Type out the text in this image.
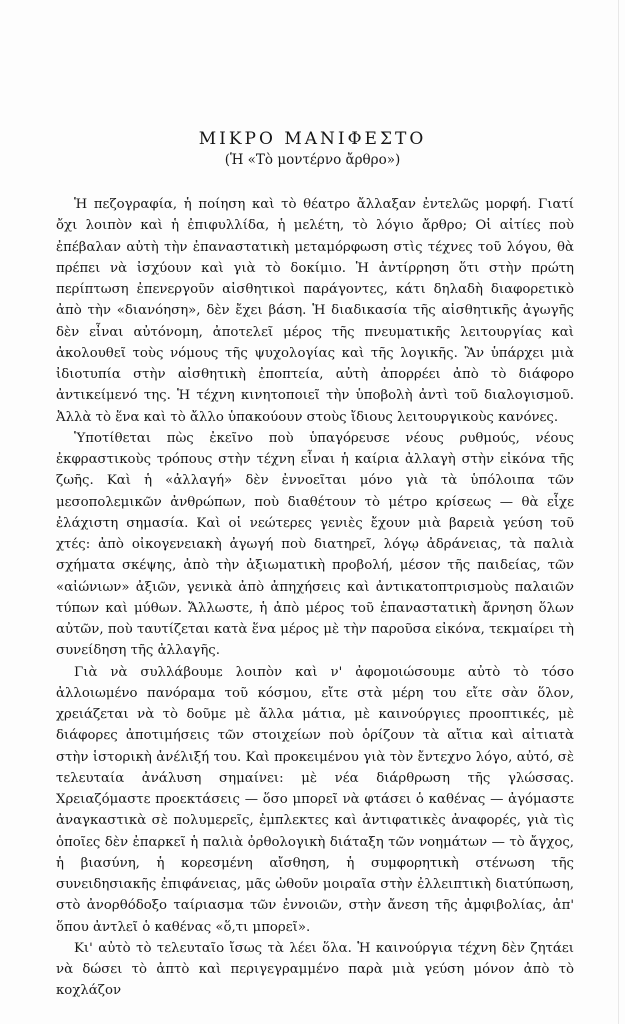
ΜΙΚΡΟ ΜΑΝΙΦΕΣΤΟ

(Ἡ «Τὸ μοντέρνο ἄρθρο»)

Ἡ πεζογραφία, ἡ ποίηση καὶ τὸ θέατρο ἄλλαξαν ἐντελῶς μορφή. Γιατί ὄχι λοιπὸν καὶ ἡ ἐπιφυλλίδα, ἡ μελέτη, τὸ λόγιο ἄρθρο; Οἱ αἰτίες ποὺ ἐπέβαλαν αὐτὴ τὴν ἐπαναστατικὴ μεταμόρφωση στὶς τέχνες τοῦ λόγου, θὰ πρέπει νὰ ἰσχύουν καὶ γιὰ τὸ δοκίμιο. Ἡ ἀντίρρηση ὅτι στὴν πρώτη περίπτωση ἐπενεργοῦν αἰσθητικοὶ παράγοντες, κάτι δηλαδὴ διαφορετικὸ ἀπὸ τὴν «διανόηση», δὲν ἔχει βάση. Ἡ διαδικασία τῆς αἰσθητικῆς ἀγωγῆς δὲν εἶναι αὐτόνομη, ἀποτελεῖ μέρος τῆς πνευματικῆς λειτουργίας καὶ ἀκολουθεῖ τοὺς νόμους τῆς ψυχολογίας καὶ τῆς λογικῆς. Ἂν ὑπάρχει μιὰ ἰδιοτυπία στὴν αἰσθητικὴ ἐποπτεία, αὐτὴ ἀπορρέει ἀπὸ τὸ διάφορο ἀντικείμενό της. Ἡ τέχνη κινητοποιεῖ τὴν ὑποβολὴ ἀντὶ τοῦ διαλογισμοῦ. Ἀλλὰ τὸ ἕνα καὶ τὸ ἄλλο ὑπακούουν στοὺς ἴδιους λειτουργικοὺς κανόνες.

Ὑποτίθεται πὼς ἐκεῖνο ποὺ ὑπαγόρευσε νέους ρυθμούς, νέους ἐκφραστικοὺς τρόπους στὴν τέχνη εἶναι ἡ καίρια ἀλλαγὴ στὴν εἰκόνα τῆς ζωῆς. Καὶ ἡ «ἀλλαγή» δὲν ἐννοεῖται μόνο γιὰ τὰ ὑπόλοιπα τῶν μεσοπολεμικῶν ἀνθρώπων, ποὺ διαθέτουν τὸ μέτρο κρίσεως — θὰ εἶχε ἐλάχιστη σημασία. Καὶ οἱ νεώτερες γενιὲς ἔχουν μιὰ βαρειὰ γεύση τοῦ χτές: ἀπὸ οἰκογενειακὴ ἀγωγή ποὺ διατηρεῖ, λόγῳ ἀδράνειας, τὰ παλιὰ σχήματα σκέψης, ἀπὸ τὴν ἀξιωματικὴ προβολή, μέσον τῆς παιδείας, τῶν «αἰώνιων» ἀξιῶν, γενικὰ ἀπὸ ἀπηχήσεις καὶ ἀντικατοπτρισμοὺς παλαιῶν τύπων καὶ μύθων. Ἄλλωστε, ἡ ἀπὸ μέρος τοῦ ἐπαναστατικὴ ἄρνηση ὅλων αὐτῶν, ποὺ ταυτίζεται κατὰ ἕνα μέρος μὲ τὴν παροῦσα εἰκόνα, τεκμαίρει τὴ συνείδηση τῆς ἀλλαγῆς.

Γιὰ νὰ συλλάβουμε λοιπὸν καὶ ν' ἀφομοιώσουμε αὐτὸ τὸ τόσο ἀλλοιωμένο πανόραμα τοῦ κόσμου, εἴτε στὰ μέρη του εἴτε σὰν ὅλον, χρειάζεται νὰ τὸ δοῦμε μὲ ἄλλα μάτια, μὲ καινούργιες προοπτικές, μὲ διάφορες ἀποτιμήσεις τῶν στοιχείων ποὺ ὁρίζουν τὰ αἴτια καὶ αἰτιατὰ στὴν ἱστορικὴ ἀνέλιξή του. Καὶ προκειμένου γιὰ τὸν ἔντεχνο λόγο, αὐτό, σὲ τελευταία ἀνάλυση σημαίνει: μὲ νέα διάρθρωση τῆς γλώσσας. Χρειαζόμαστε προεκτάσεις — ὅσο μπορεῖ νὰ φτάσει ὁ καθένας — ἀγόμαστε ἀναγκαστικὰ σὲ πολυμερεῖς, ἐμπλεκτες καὶ ἀντιφατικὲς ἀναφορές, γιὰ τὶς ὁποῖες δὲν ἐπαρκεῖ ἡ παλιὰ ὀρθολογικὴ διάταξη τῶν νοημάτων — τὸ ἄγχος, ἡ βιασύνη, ἡ κορεσμένη αἴσθηση, ἡ συμφορητικὴ στένωση τῆς συνειδησιακῆς ἐπιφάνειας, μᾶς ὠθοῦν μοιραῖα στὴν ἐλλειπτικὴ διατύπωση, στὸ ἀνορθόδοξο ταίριασμα τῶν ἐννοιῶν, στὴν ἄνεση τῆς ἀμφιβολίας, ἀπ' ὅπου ἀντλεῖ ὁ καθένας «ὅ,τι μπορεῖ».

Κι' αὐτὸ τὸ τελευταῖο ἴσως τὰ λέει ὅλα. Ἡ καινούργια τέχνη δὲν ζητάει νὰ δώσει τὸ ἀπτὸ καὶ περιγεγραμμένο παρὰ μιὰ γεύση μόνον ἀπὸ τὸ κοχλάζον
